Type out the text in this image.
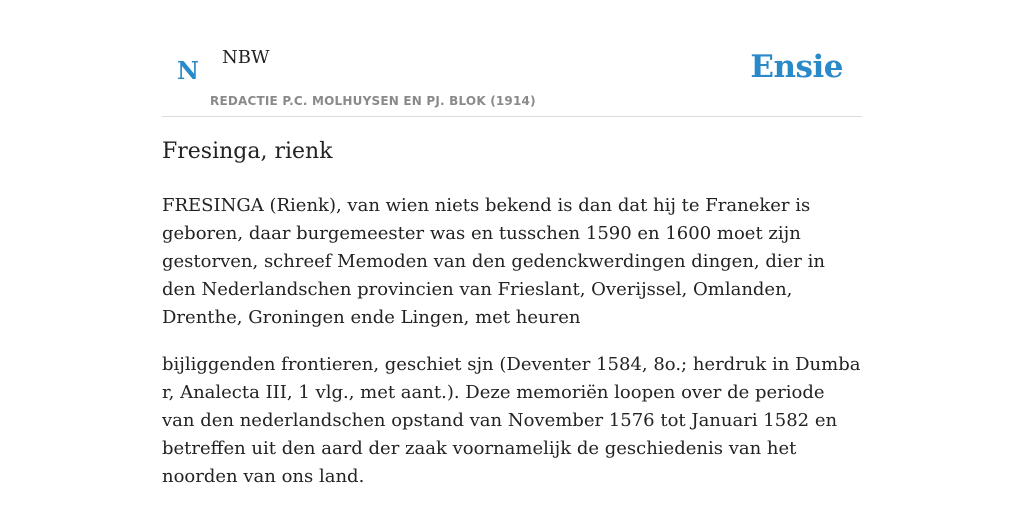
N NBW
REDACTIE P.C. MOLHUYSEN EN PJ. BLOK (1914)
Ensie
Fresinga, rienk

FRESINGA (Rienk), van wien niets bekend is dan dat hij te Franeker is geboren, daar burgemeester was en tusschen 1590 en 1600 moet zijn gestorven, schreef Memoden van den gedenckwerdingen dingen, dier in den Nederlandschen provincien van Frieslant, Overijssel, Omlanden, Drenthe, Groningen ende Lingen, met heuren

bijliggenden frontieren, geschiet sjn (Deventer 1584, 8o.; herdruk in Dumba r, Analecta III, 1 vlg., met aant.). Deze memoriën loopen over de periode van den nederlandschen opstand van November 1576 tot Januari 1582 en betreffen uit den aard der zaak voornamelijk de geschiedenis van het noorden van ons land.
